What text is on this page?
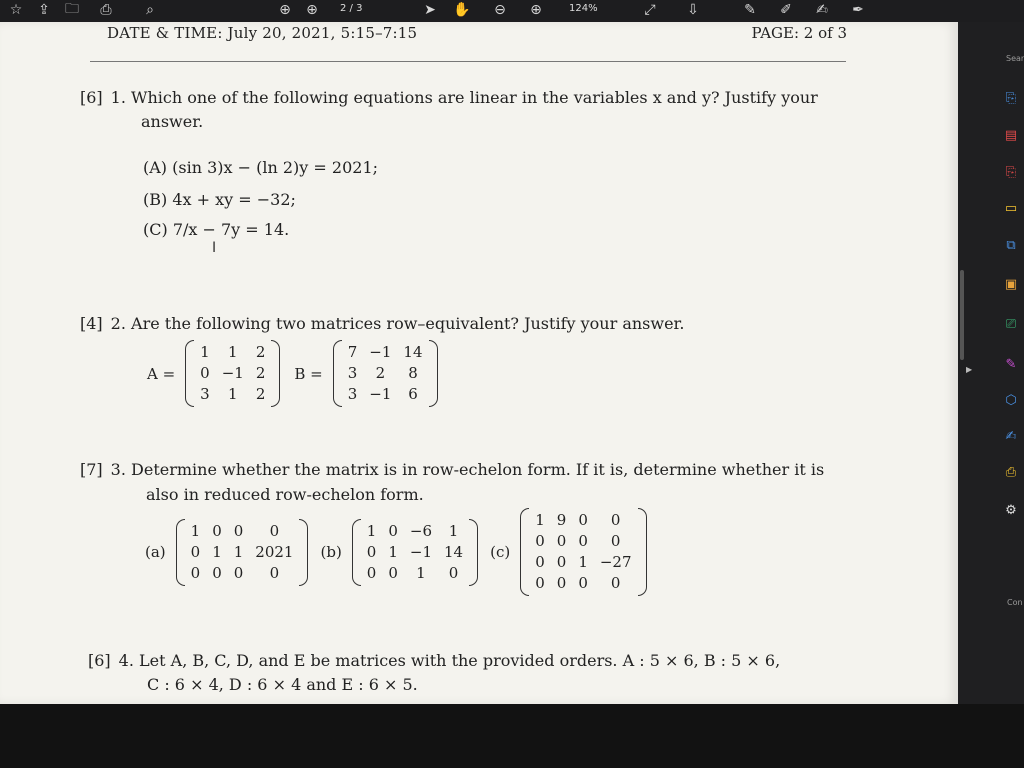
☆ ⇪ 🗀	⎙	⌕	⊕ ⊕	2 / 3	➤ ✋ ⊖ ⊕	124%	⤢	⇩	✎ ✐ ✍ ✒
DATE & TIME: July 20, 2021, 5:15–7:15	PAGE: 2 of 3
[6] 1. Which one of the following equations are linear in the variables x and y? Justify your
answer.
(A) (sin 3)x − (ln 2)y = 2021;
(B) 4x + xy = −32;
(C) 7/x − 7y = 14.
I
[4] 2. Are the following two matrices row–equivalent? Justify your answer.
A =
1	1	2
0	−1	2
3	1	2
B =
7	−1	14
3	2	8
3	−1	6
[7] 3. Determine whether the matrix is in row-echelon form. If it is, determine whether it is
also in reduced row-echelon form.
(a)
1	0	0	0
0	1	1	2021
0	0	0	0
(b)
1	0	−6	1
0	1	−1	14
0	0	1	0
(c)
1	9	0	0
0	0	0	0
0	0	1	−27
0	0	0	0
[6] 4. Let A, B, C, D, and E be matrices with the provided orders. A : 5 × 6, B : 5 × 6,
C : 6 × 4, D : 6 × 4 and E : 6 × 5.
Sear
⎘
▤
⎘
▭
⧉
▣
⎚
✎
⬡
✍
⎙
⚙
▶
Con
